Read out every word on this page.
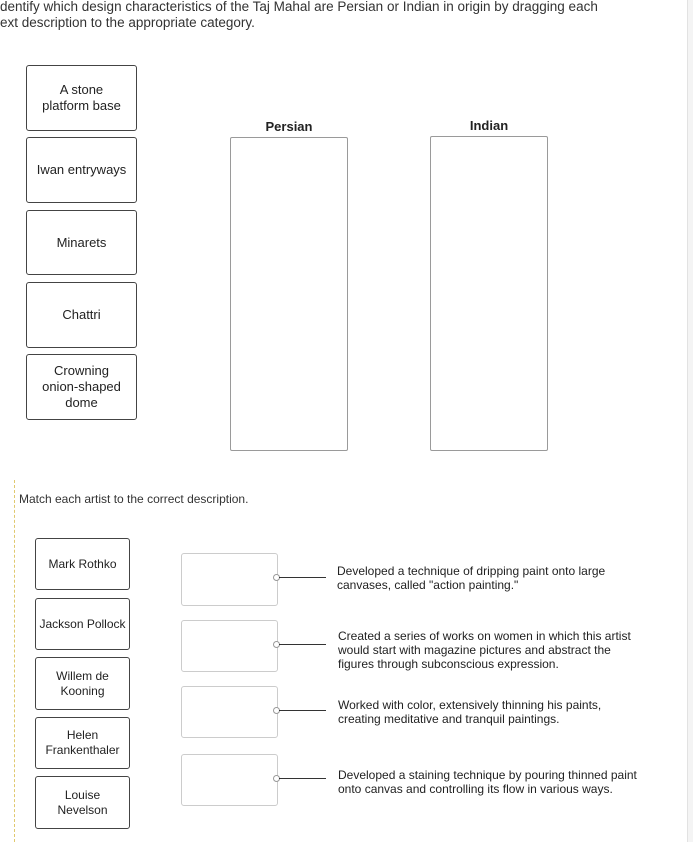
dentify which design characteristics of the Taj Mahal are Persian or Indian in origin by dragging each
ext description to the appropriate category.
A stone
platform base
Iwan entryways
Minarets
Chattri
Crowning
onion-shaped
dome
Persian	Indian
Match each artist to the correct description.
Mark Rothko
Jackson Pollock
Willem de
Kooning
Helen
Frankenthaler
Louise
Nevelson
Developed a technique of dripping paint onto large canvases, called "action painting."
Created a series of works on women in which this artist would start with magazine pictures and abstract the figures through subconscious expression.
Worked with color, extensively thinning his paints, creating meditative and tranquil paintings.
Developed a staining technique by pouring thinned paint onto canvas and controlling its flow in various ways.
